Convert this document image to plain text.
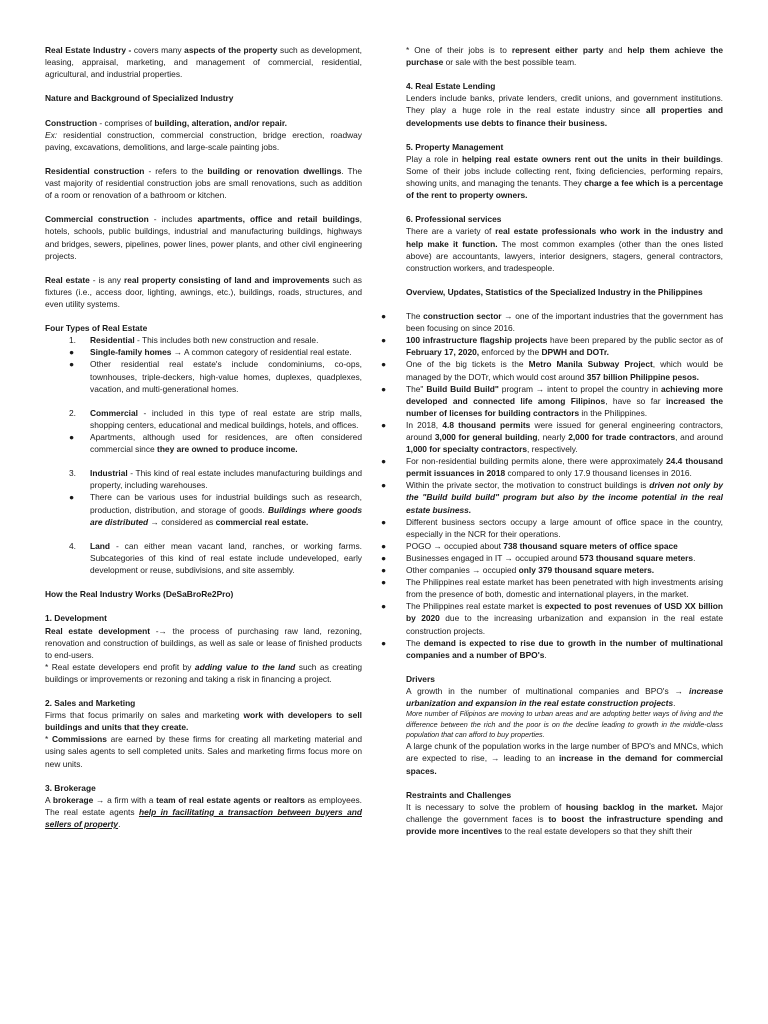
Real Estate Industry - covers many aspects of the property such as development, leasing, appraisal, marketing, and management of commercial, residential, agricultural, and industrial properties.

Nature and Background of Specialized Industry

Construction - comprises of building, alteration, and/or repair.
Ex: residential construction, commercial construction, bridge erection, roadway paving, excavations, demolitions, and large-scale painting jobs.

Residential construction - refers to the building or renovation dwellings. The vast majority of residential construction jobs are small renovations, such as addition of a room or renovation of a bathroom or kitchen.

Commercial construction - includes apartments, office and retail buildings, hotels, schools, public buildings, industrial and manufacturing buildings, highways and bridges, sewers, pipelines, power lines, power plants, and other civil engineering projects.

Real estate - is any real property consisting of land and improvements such as fixtures (i.e., access door, lighting, awnings, etc.), buildings, roads, structures, and even utility systems.

Four Types of Real Estate

1.	Residential - This includes both new construction and resale.
●	Single-family homes → A common category of residential real estate.
●	Other residential real estate's include condominiums, co-ops, townhouses, triple-deckers, high-value homes, duplexes, quadplexes, vacation, and multi-generational homes.
2.	Commercial - included in this type of real estate are strip malls, shopping centers, educational and medical buildings, hotels, and offices.
●	Apartments, although used for residences, are often considered commercial since they are owned to produce income.
3.	Industrial - This kind of real estate includes manufacturing buildings and property, including warehouses.
●	There can be various uses for industrial buildings such as research, production, distribution, and storage of goods. Buildings where goods are distributed → considered as commercial real estate.
4.	Land - can either mean vacant land, ranches, or working farms. Subcategories of this kind of real estate include undeveloped, early development or reuse, subdivisions, and site assembly.

How the Real Industry Works (DeSaBroRe2Pro)

1. Development

Real estate development -→ the process of purchasing raw land, rezoning, renovation and construction of buildings, as well as sale or lease of finished products to end-users.

* Real estate developers end profit by adding value to the land such as creating buildings or improvements or rezoning and taking a risk in financing a project.

2. Sales and Marketing

Firms that focus primarily on sales and marketing work with developers to sell buildings and units that they create.

* Commissions are earned by these firms for creating all marketing material and using sales agents to sell completed units. Sales and marketing firms focus more on new units.

3. Brokerage

A brokerage → a firm with a team of real estate agents or realtors as employees. The real estate agents help in facilitating a transaction between buyers and sellers of property.

* One of their jobs is to represent either party and help them achieve the purchase or sale with the best possible team.

4. Real Estate Lending

Lenders include banks, private lenders, credit unions, and government institutions. They play a huge role in the real estate industry since all properties and developments use debts to finance their business.

5. Property Management

Play a role in helping real estate owners rent out the units in their buildings. Some of their jobs include collecting rent, fixing deficiencies, performing repairs, showing units, and managing the tenants. They charge a fee which is a percentage of the rent to property owners.

6. Professional services

There are a variety of real estate professionals who work in the industry and help make it function. The most common examples (other than the ones listed above) are accountants, lawyers, interior designers, stagers, general contractors, construction workers, and tradespeople.

Overview, Updates, Statistics of the Specialized Industry in the Philippines

● The construction sector → one of the important industries that the government has been focusing on since 2016.
● 100 infrastructure flagship projects have been prepared by the public sector as of February 17, 2020, enforced by the DPWH and DOTr.
● One of the big tickets is the Metro Manila Subway Project, which would be managed by the DOTr, which would cost around 357 billion Philippine pesos.
● The" Build Build Build" program → intent to propel the country in achieving more developed and connected life among Filipinos, have so far increased the number of licenses for building contractors in the Philippines.
● In 2018, 4.8 thousand permits were issued for general engineering contractors, around 3,000 for general building, nearly 2,000 for trade contractors, and around 1,000 for specialty contractors, respectively.
● For non-residential building permits alone, there were approximately 24.4 thousand permit issuances in 2018 compared to only 17.9 thousand licenses in 2016.
● Within the private sector, the motivation to construct buildings is driven not only by the "Build build build" program but also by the income potential in the real estate business.
● Different business sectors occupy a large amount of office space in the country, especially in the NCR for their operations.
● POGO → occupied about 738 thousand square meters of office space
● Businesses engaged in IT → occupied around 573 thousand square meters.
● Other companies → occupied only 379 thousand square meters.
● The Philippines real estate market has been penetrated with high investments arising from the presence of both, domestic and international players, in the market.
● The Philippines real estate market is expected to post revenues of USD XX billion by 2020 due to the increasing urbanization and expansion in the real estate construction projects.
● The demand is expected to rise due to growth in the number of multinational companies and a number of BPO's.

Drivers

A growth in the number of multinational companies and BPO's → increase urbanization and expansion in the real estate construction projects.

More number of Filipinos are moving to urban areas and are adopting better ways of living and the difference between the rich and the poor is on the decline leading to growth in the middle-class population that can afford to buy properties.

A large chunk of the population works in the large number of BPO's and MNCs, which are expected to rise, → leading to an increase in the demand for commercial spaces.

Restraints and Challenges

It is necessary to solve the problem of housing backlog in the market. Major challenge the government faces is to boost the infrastructure spending and provide more incentives to the real estate developers so that they shift their
